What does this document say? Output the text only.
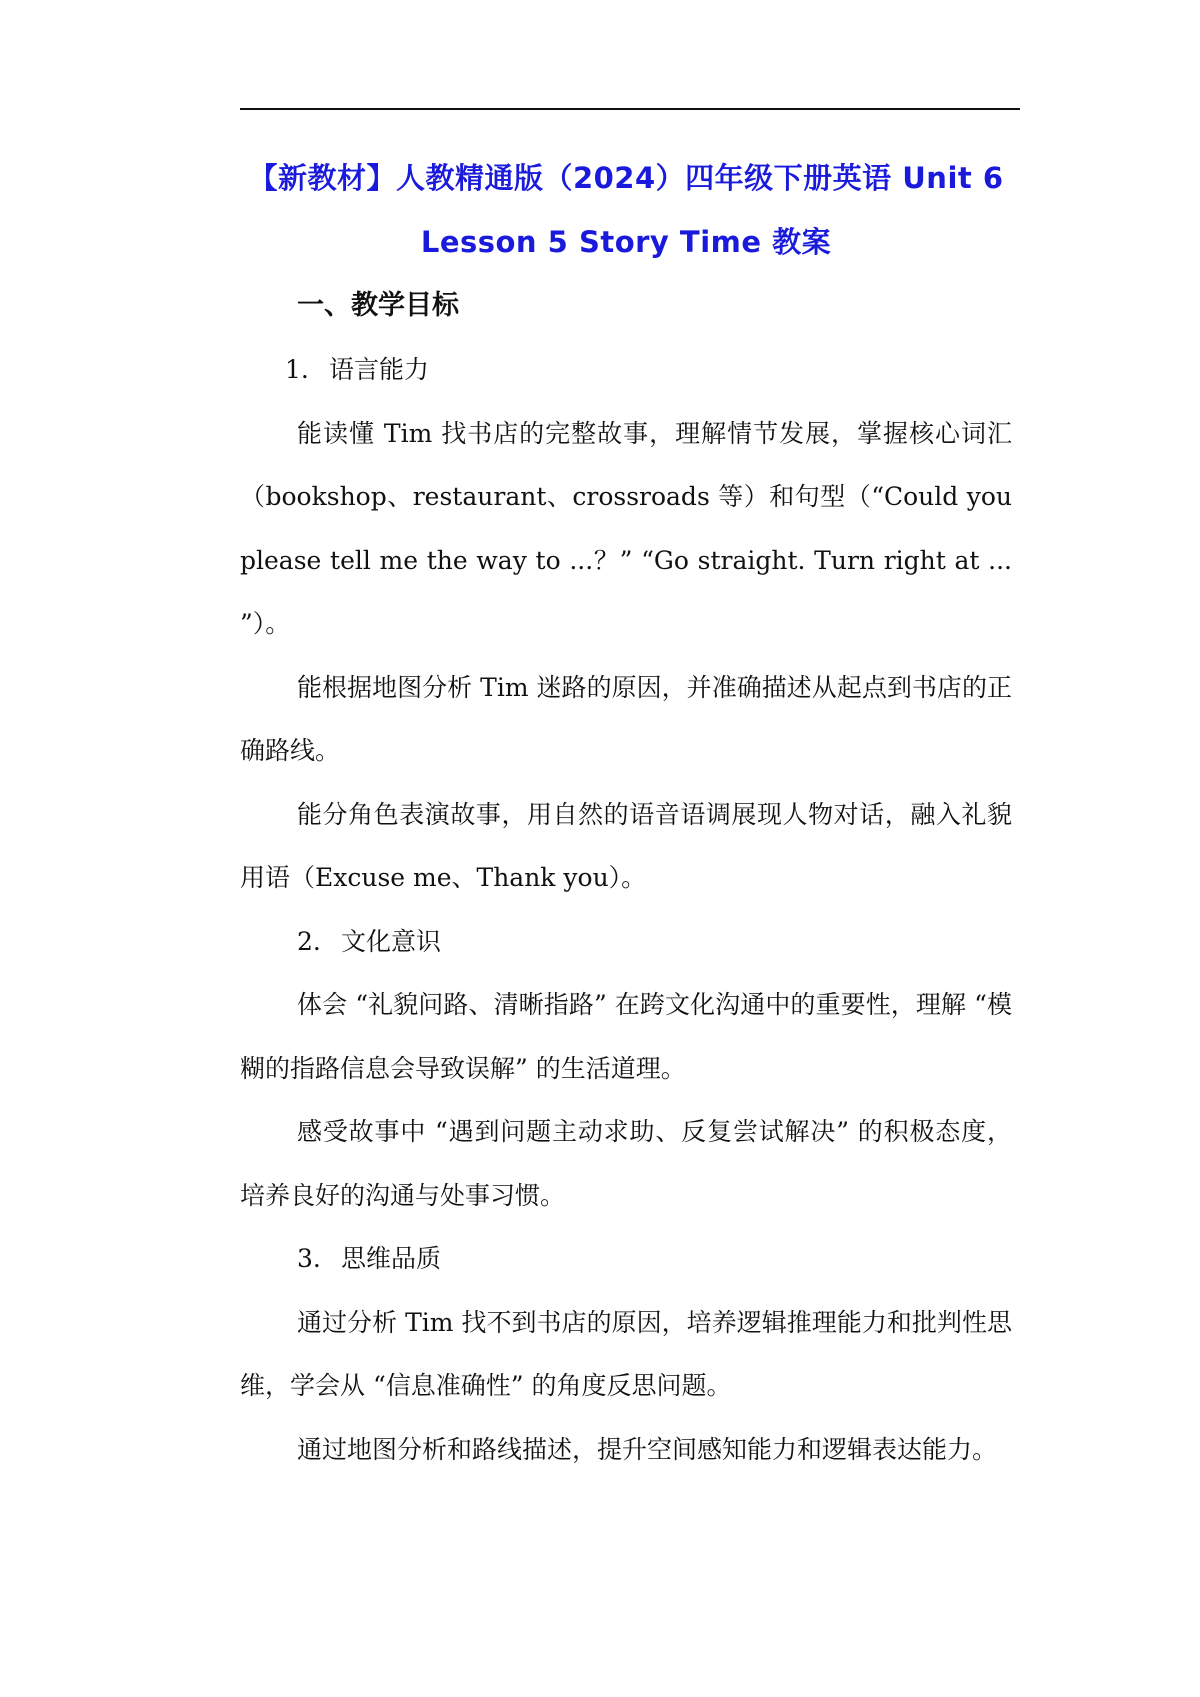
【新教材】人教精通版（2024）四年级下册英语 Unit 6
Lesson 5 Story Time 教案
一、教学目标

1. 语言能力

能读懂 Tim 找书店的完整故事，理解情节发展，掌握核心词汇（bookshop、restaurant、crossroads 等）和句型（“Could you please tell me the way to ...？” “Go straight. Turn right at ... ”）。

能根据地图分析 Tim 迷路的原因，并准确描述从起点到书店的正确路线。

能分角色表演故事，用自然的语音语调展现人物对话，融入礼貌用语（Excuse me、Thank you）。

2. 文化意识

体会 “礼貌问路、清晰指路” 在跨文化沟通中的重要性，理解 “模糊的指路信息会导致误解” 的生活道理。

感受故事中 “遇到问题主动求助、反复尝试解决” 的积极态度，培养良好的沟通与处事习惯。

3. 思维品质

通过分析 Tim 找不到书店的原因，培养逻辑推理能力和批判性思维，学会从 “信息准确性” 的角度反思问题。

通过地图分析和路线描述，提升空间感知能力和逻辑表达能力。
